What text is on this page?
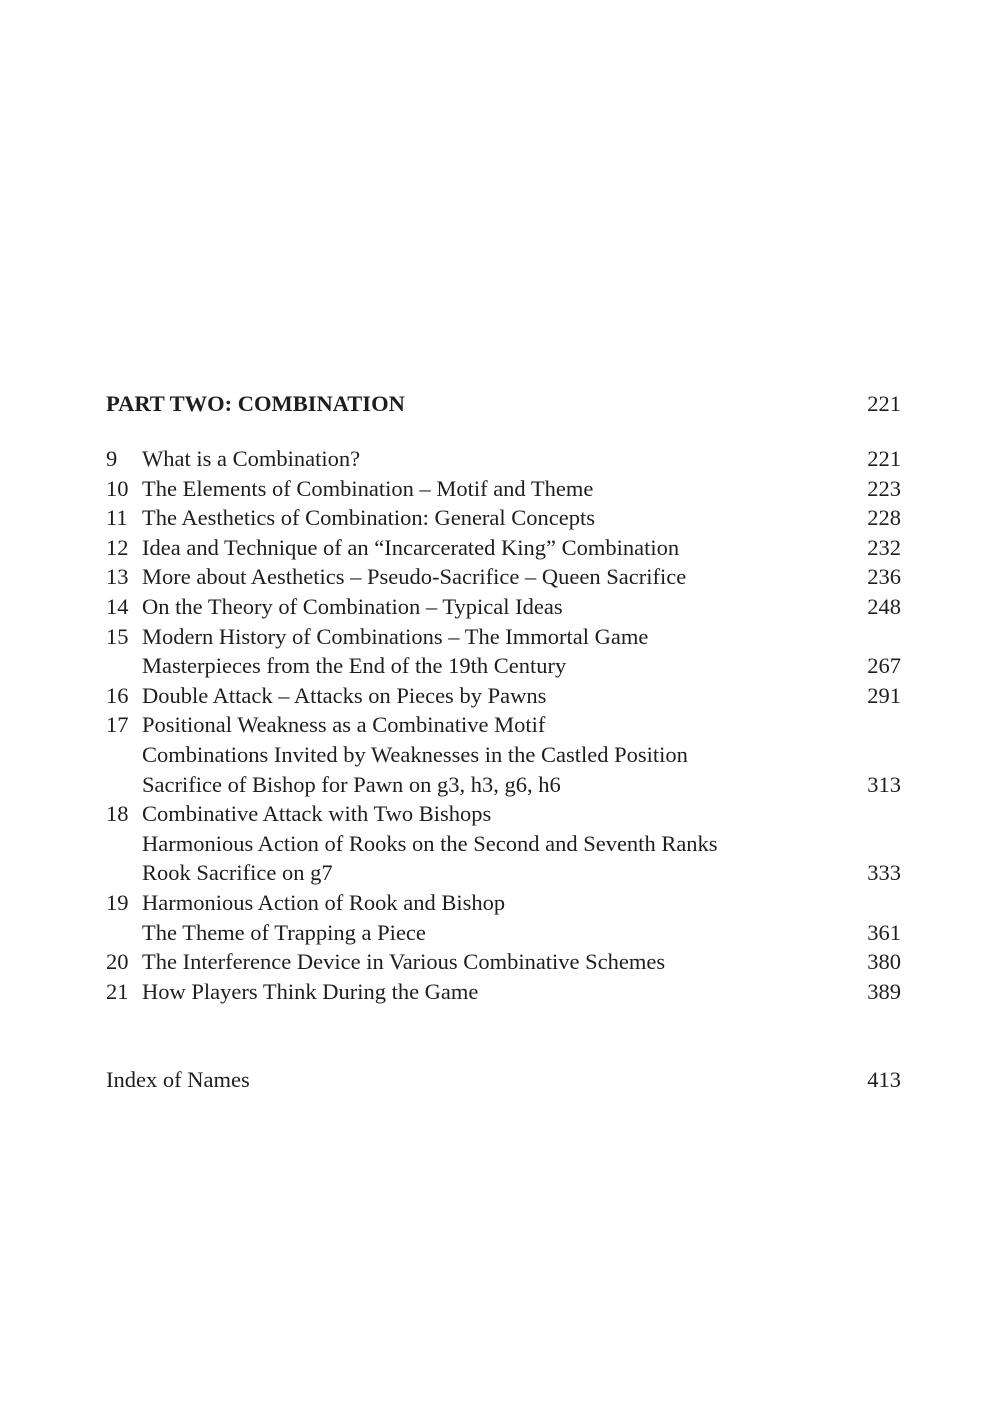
PART TWO: COMBINATION	221
9	What is a Combination?	221
10 The Elements of Combination – Motif and Theme	223
11 The Aesthetics of Combination: General Concepts	228
12 Idea and Technique of an “Incarcerated King” Combination	232
13 More about Aesthetics – Pseudo-Sacrifice – Queen Sacrifice	236
14 On the Theory of Combination – Typical Ideas	248
15 Modern History of Combinations – The Immortal Game
Masterpieces from the End of the 19th Century	267
16 Double Attack – Attacks on Pieces by Pawns	291
17 Positional Weakness as a Combinative Motif
Combinations Invited by Weaknesses in the Castled Position
Sacrifice of Bishop for Pawn on g3, h3, g6, h6	313
18 Combinative Attack with Two Bishops
Harmonious Action of Rooks on the Second and Seventh Ranks
Rook Sacrifice on g7	333
19 Harmonious Action of Rook and Bishop
The Theme of Trapping a Piece	361
20 The Interference Device in Various Combinative Schemes	380
21 How Players Think During the Game	389
Index of Names	413
